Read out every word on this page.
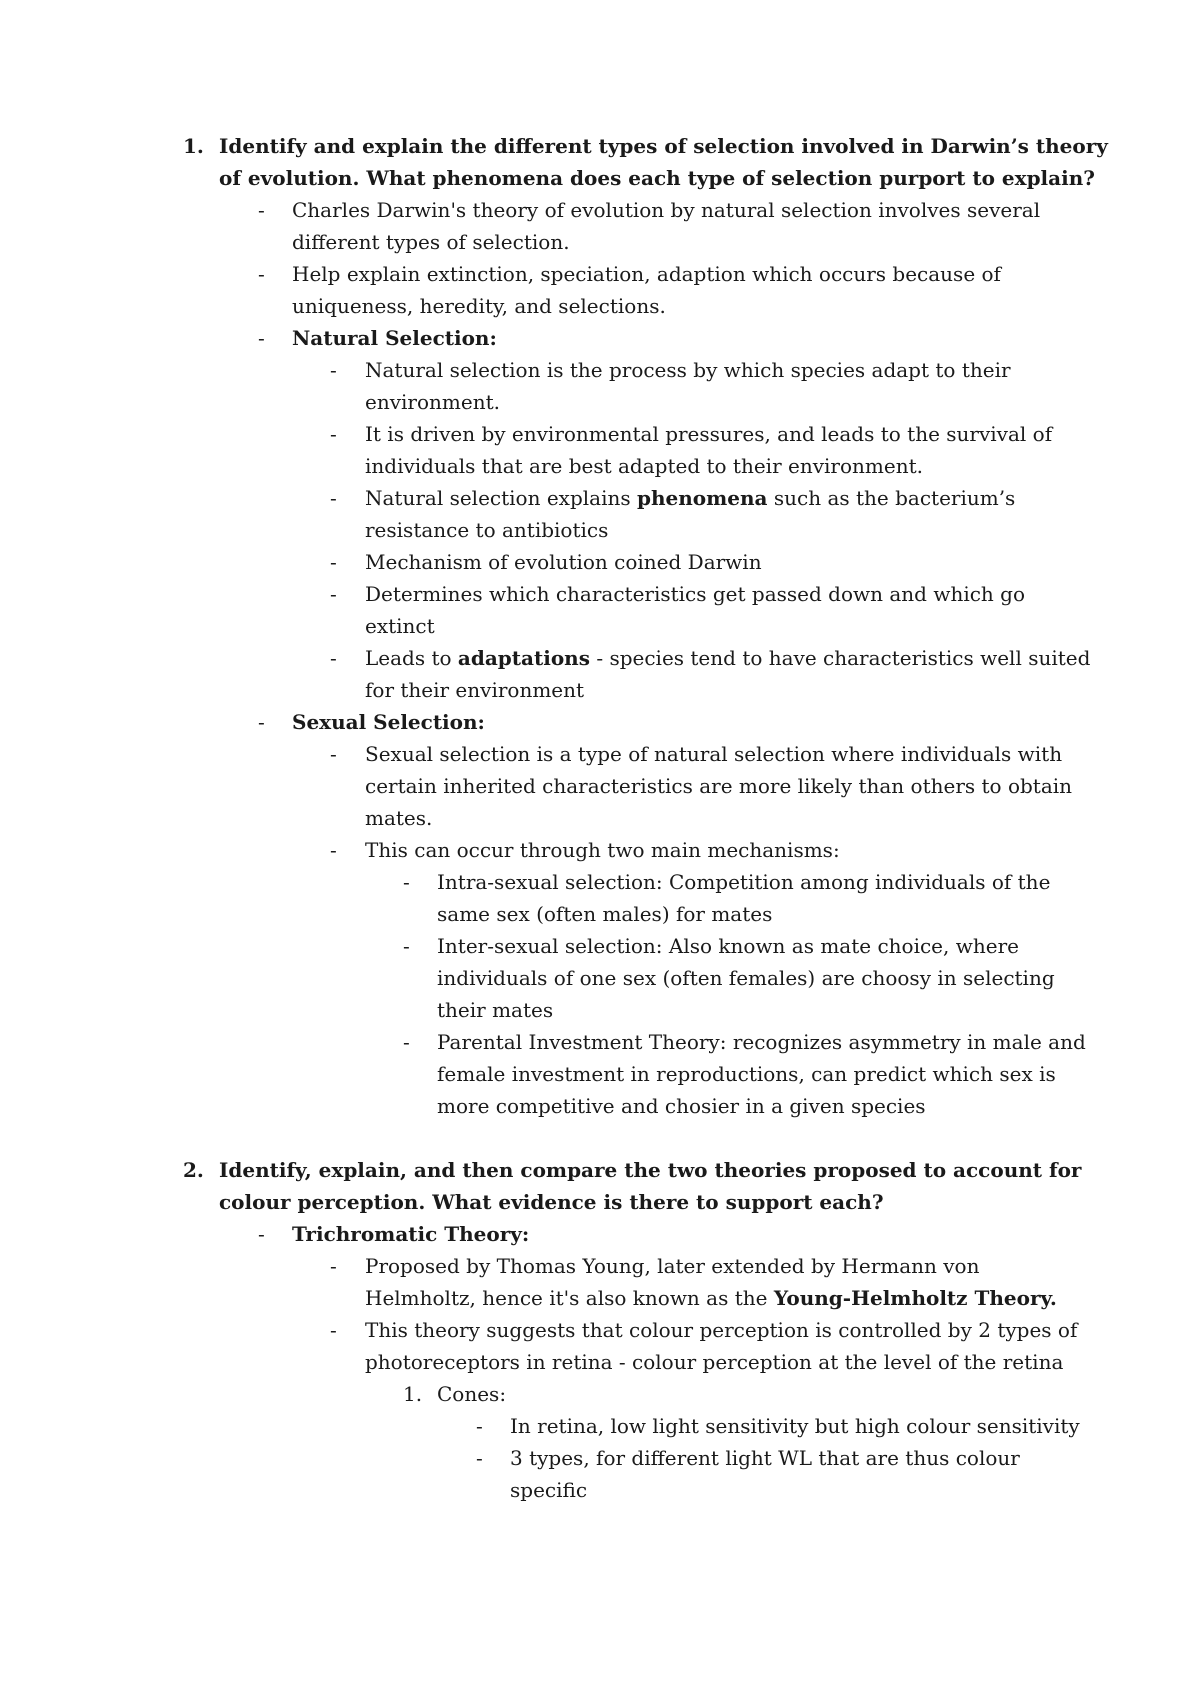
1. Identify and explain the different types of selection involved in Darwin’s theory
of evolution. What phenomena does each type of selection purport to explain?
- Charles Darwin's theory of evolution by natural selection involves several
different types of selection.
- Help explain extinction, speciation, adaption which occurs because of
uniqueness, heredity, and selections.
- Natural Selection:
- Natural selection is the process by which species adapt to their
environment.
- It is driven by environmental pressures, and leads to the survival of
individuals that are best adapted to their environment.
- Natural selection explains phenomena such as the bacterium’s
resistance to antibiotics
- Mechanism of evolution coined Darwin
- Determines which characteristics get passed down and which go
extinct
- Leads to adaptations - species tend to have characteristics well suited
for their environment
- Sexual Selection:
- Sexual selection is a type of natural selection where individuals with
certain inherited characteristics are more likely than others to obtain
mates.
- This can occur through two main mechanisms:
- Intra-sexual selection: Competition among individuals of the
same sex (often males) for mates
- Inter-sexual selection: Also known as mate choice, where
individuals of one sex (often females) are choosy in selecting
their mates
- Parental Investment Theory: recognizes asymmetry in male and
female investment in reproductions, can predict which sex is
more competitive and chosier in a given species
2. Identify, explain, and then compare the two theories proposed to account for
colour perception. What evidence is there to support each?
- Trichromatic Theory:
- Proposed by Thomas Young, later extended by Hermann von
Helmholtz, hence it's also known as the Young-Helmholtz Theory.
- This theory suggests that colour perception is controlled by 2 types of
photoreceptors in retina - colour perception at the level of the retina
1. Cones:
- In retina, low light sensitivity but high colour sensitivity
- 3 types, for different light WL that are thus colour
specific
